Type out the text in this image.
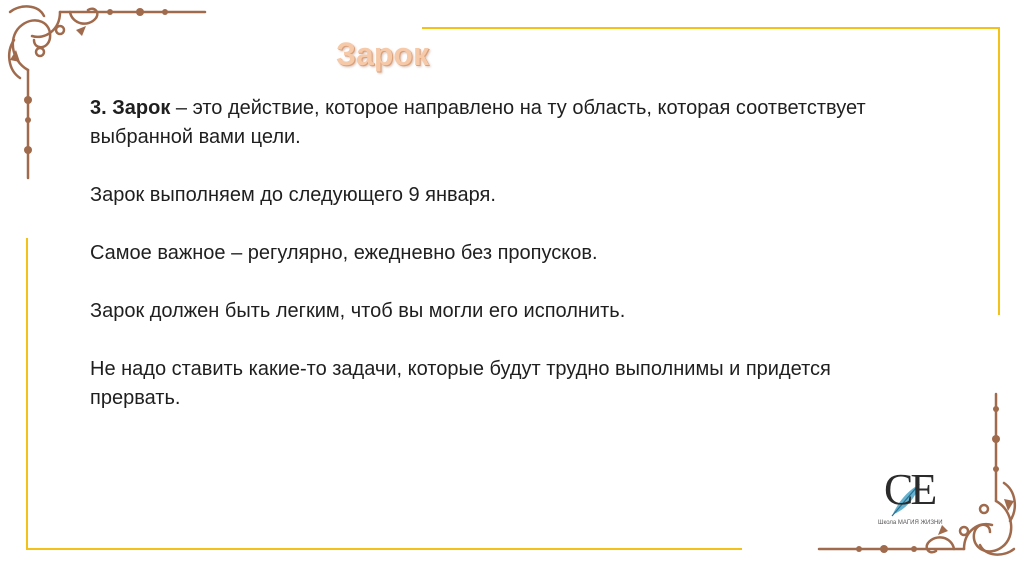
Зарок

3. Зарок – это действие, которое направлено на ту область, которая соответствует выбранной вами цели.

Зарок выполняем до следующего 9 января.

Самое важное – регулярно, ежедневно без пропусков.

Зарок должен быть легким, чтоб вы могли его исполнить.

Не надо ставить какие-то задачи, которые будут трудно выполнимы и придется прервать.

CE
Школа МАГИЯ ЖИЗНИ
